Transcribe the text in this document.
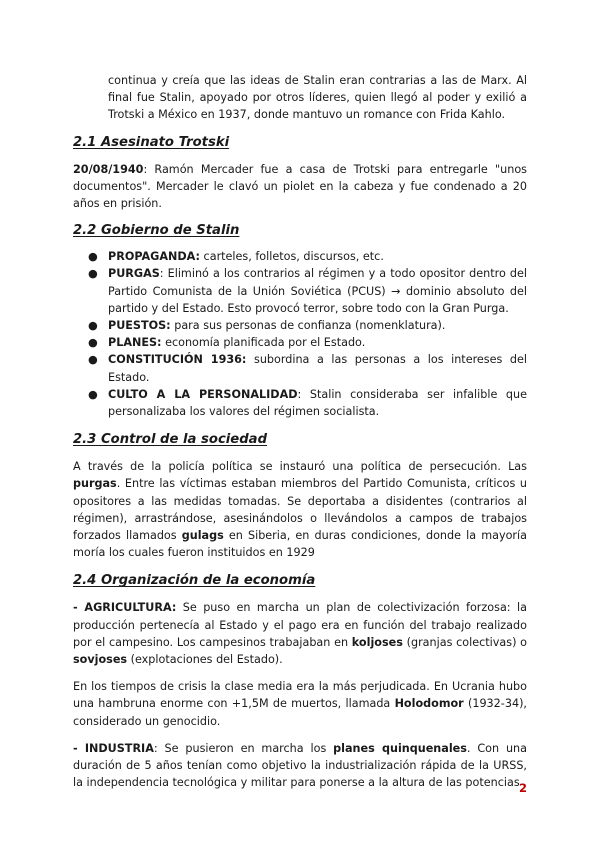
continua y creía que las ideas de Stalin eran contrarias a las de Marx. Al final fue Stalin, apoyado por otros líderes, quien llegó al poder y exilió a Trotski a México en 1937, donde mantuvo un romance con Frida Kahlo.

2.1 Asesinato Trotski

20/08/1940: Ramón Mercader fue a casa de Trotski para entregarle "unos documentos". Mercader le clavó un piolet en la cabeza y fue condenado a 20 años en prisión.

2.2 Gobierno de Stalin
● PROPAGANDA: carteles, folletos, discursos, etc.
● PURGAS: Eliminó a los contrarios al régimen y a todo opositor dentro del Partido Comunista de la Unión Soviética (PCUS) → dominio absoluto del partido y del Estado. Esto provocó terror, sobre todo con la Gran Purga.
● PUESTOS: para sus personas de confianza (nomenklatura).
● PLANES: economía planificada por el Estado.
● CONSTITUCIÓN 1936: subordina a las personas a los intereses del Estado.
● CULTO A LA PERSONALIDAD: Stalin consideraba ser infalible que personalizaba los valores del régimen socialista.
2.3 Control de la sociedad

A través de la policía política se instauró una política de persecución. Las purgas. Entre las víctimas estaban miembros del Partido Comunista, críticos u opositores a las medidas tomadas. Se deportaba a disidentes (contrarios al régimen), arrastrándose, asesinándolos o llevándolos a campos de trabajos forzados llamados gulags en Siberia, en duras condiciones, donde la mayoría moría los cuales fueron instituidos en 1929

2.4 Organización de la economía

- AGRICULTURA: Se puso en marcha un plan de colectivización forzosa: la producción pertenecía al Estado y el pago era en función del trabajo realizado por el campesino. Los campesinos trabajaban en koljoses (granjas colectivas) o sovjoses (explotaciones del Estado).

En los tiempos de crisis la clase media era la más perjudicada. En Ucrania hubo una hambruna enorme con +1,5M de muertos, llamada Holodomor (1932-34), considerado un genocidio.

- INDUSTRIA: Se pusieron en marcha los planes quinquenales. Con una duración de 5 años tenían como objetivo la industrialización rápida de la URSS, la independencia tecnológica y militar para ponerse a la altura de las potencias 2
